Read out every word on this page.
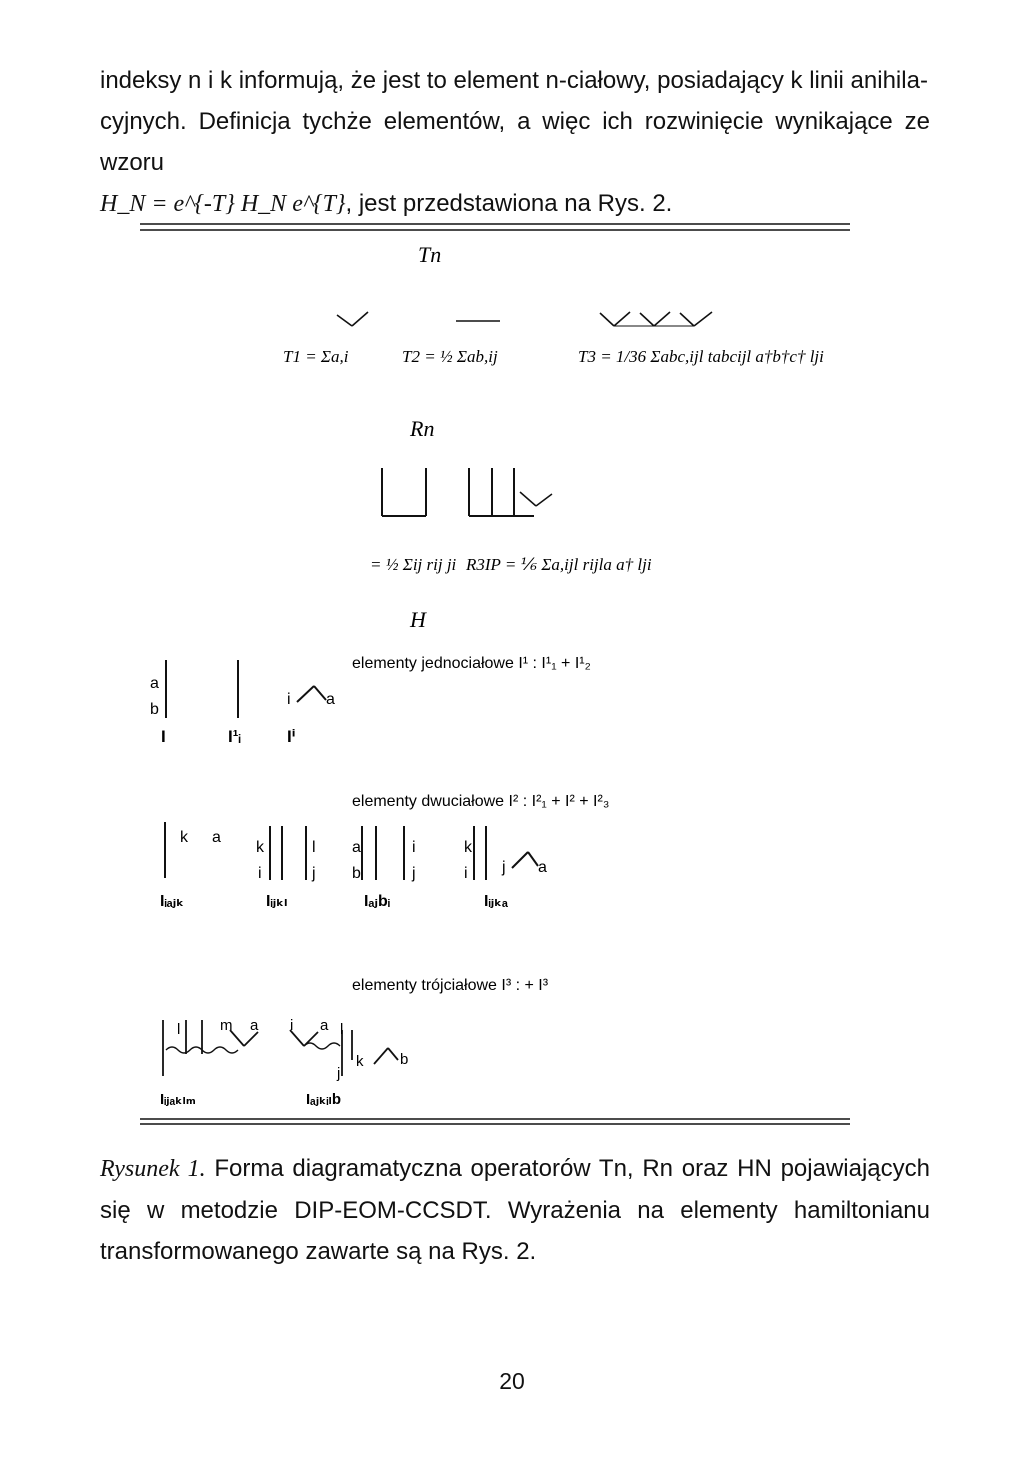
indeksy n i k informują, że jest to element n-ciałowy, posiadający k linii anihila-
cyjnych. Definicja tychże elementów, a więc ich rozwinięcie wynikające ze wzoru
H_N = e^{-T} H_N e^{T}, jest przedstawiona na Rys. 2.
Tn
T1 = Σa,i	T2 = ½ Σab,ij	T3 = 1/36 Σabc,ijl tabcijl a†b†c† lji
Rn
= ½ Σij rij ji R3IP = ⅙ Σa,ijl rijla a† lji
H
elementy jednociałowe I¹ : I¹₁ + I¹₂
a
b
i a
I	I¹ᵢ	Iⁱ
elementy dwuciałowe I² : I²₁ + I² + I²₃
k a
k
i
l
j
a
b
i
j
k
i j a
Iᵢₐⱼₖ	Iᵢⱼₖₗ	Iₐⱼbᵢ	Iᵢⱼₖₐ
elementy trójciałowe I³ : + I³
l	m a i a l
j
k b
Iᵢⱼₐₖₗₘ	Iₐⱼₖᵢₗb
Rysunek 1. Forma diagramatyczna operatorów Tn, Rn oraz HN pojawiających się w metodzie DIP-EOM-CCSDT. Wyrażenia na elementy hamiltonianu transformowanego zawarte są na Rys. 2.
20
